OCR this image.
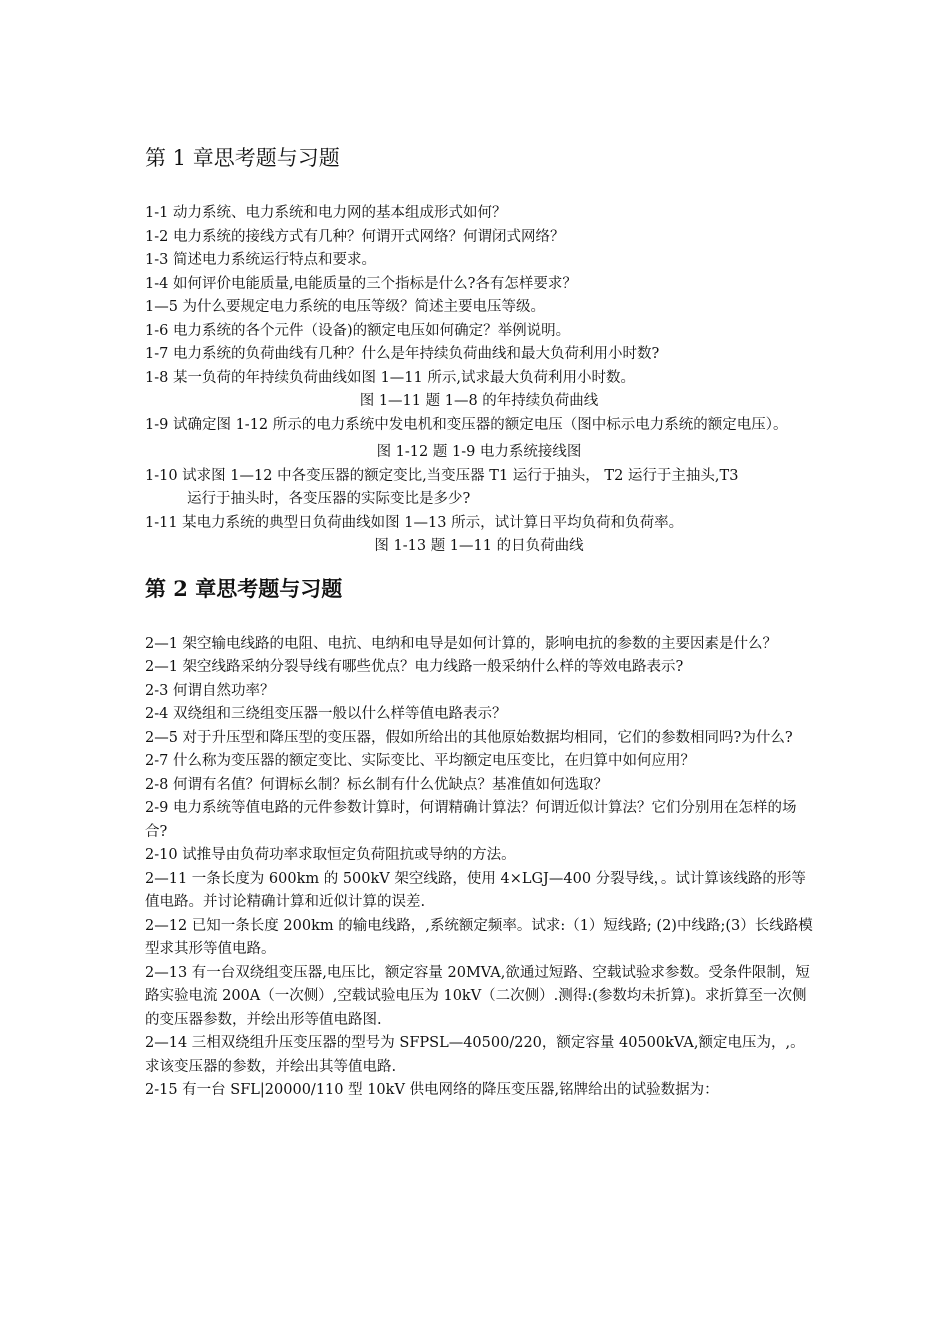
第 1 章思考题与习题

1-1 动力系统、电力系统和电力网的基本组成形式如何？

1-2 电力系统的接线方式有几种？何谓开式网络？何谓闭式网络？

1-3 简述电力系统运行特点和要求。

1-4 如何评价电能质量,电能质量的三个指标是什么?各有怎样要求？

1—5 为什么要规定电力系统的电压等级？简述主要电压等级。

1-6 电力系统的各个元件（设备)的额定电压如何确定？举例说明。

1-7 电力系统的负荷曲线有几种？什么是年持续负荷曲线和最大负荷利用小时数?

1-8 某一负荷的年持续负荷曲线如图 1—11 所示,试求最大负荷利用小时数。

图 1—11 题 1—8 的年持续负荷曲线

1-9 试确定图 1-12 所示的电力系统中发电机和变压器的额定电压（图中标示电力系统的额定电压）。

图 1-12 题 1-9 电力系统接线图

1-10 试求图 1—12 中各变压器的额定变比,当变压器 T1 运行于抽头， T2 运行于主抽头,T3

运行于抽头时，各变压器的实际变比是多少?

1-11 某电力系统的典型日负荷曲线如图 1—13 所示，试计算日平均负荷和负荷率。

图 1-13 题 1—11 的日负荷曲线

第 2 章思考题与习题

2—1 架空输电线路的电阻、电抗、电纳和电导是如何计算的，影响电抗的参数的主要因素是什么？

2—1 架空线路采纳分裂导线有哪些优点？电力线路一般采纳什么样的等效电路表示?

2-3 何谓自然功率？

2-4 双绕组和三绕组变压器一般以什么样等值电路表示？

2—5 对于升压型和降压型的变压器，假如所给出的其他原始数据均相同，它们的参数相同吗?为什么?

2-7 什么称为变压器的额定变比、实际变比、平均额定电压变比，在归算中如何应用？

2-8 何谓有名值？何谓标幺制？标幺制有什么优缺点？基准值如何选取？

2-9 电力系统等值电路的元件参数计算时，何谓精确计算法？何谓近似计算法？它们分别用在怎样的场合?

2-10 试推导由负荷功率求取恒定负荷阻抗或导纳的方法。

2—11 一条长度为 600km 的 500kV 架空线路，使用 4×LGJ—400 分裂导线，。试计算该线路的形等值电路。并讨论精确计算和近似计算的误差.

2—12 已知一条长度 200km 的输电线路，,系统额定频率。试求:（1）短线路; (2)中线路;(3）长线路模型求其形等值电路。

2—13 有一台双绕组变压器,电压比，额定容量 20MVA,欲通过短路、空载试验求参数。受条件限制，短路实验电流 200A（一次侧）,空载试验电压为 10kV（二次侧）.测得:(参数均未折算)。求折算至一次侧的变压器参数，并绘出形等值电路图.

2—14 三相双绕组升压变压器的型号为 SFPSL—40500/220，额定容量 40500kVA,额定电压为，,。求该变压器的参数，并绘出其等值电路.

2-15 有一台 SFL|20000/110 型 10kV 供电网络的降压变压器,铭牌给出的试验数据为：
